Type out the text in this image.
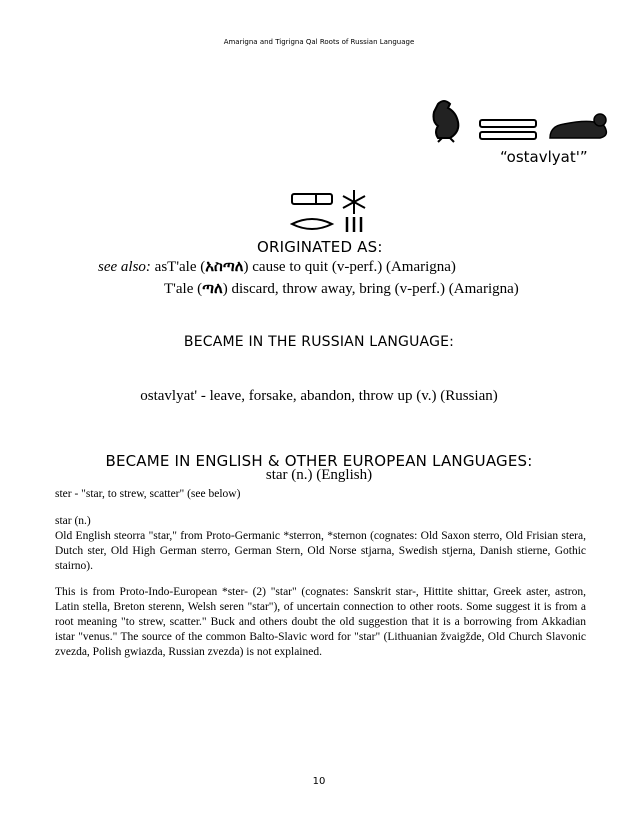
Amarigna and Tigrigna Qal Roots of Russian Language
“ostavlyat'”
ORIGINATED AS:
see also: asT'ale (አስጣለ) cause to quit (v-perf.) (Amarigna)
T'ale (ጣለ) discard, throw away, bring (v-perf.) (Amarigna)
BECAME IN THE RUSSIAN LANGUAGE:
ostavlyat' - leave, forsake, abandon, throw up (v.) (Russian)
BECAME IN ENGLISH & OTHER EUROPEAN LANGUAGES:
star (n.) (English)
ster - "star, to strew, scatter" (see below)
star (n.)
Old English steorra "star," from Proto-Germanic *sterron, *sternon (cognates: Old Saxon sterro, Old Frisian stera, Dutch ster, Old High German sterro, German Stern, Old Norse stjarna, Swedish stjerna, Danish stierne, Gothic stairno).
This is from Proto-Indo-European *ster- (2) "star" (cognates: Sanskrit star-, Hittite shittar, Greek aster, astron, Latin stella, Breton sterenn, Welsh seren "star"), of uncertain connection to other roots. Some suggest it is from a root meaning "to strew, scatter." Buck and others doubt the old suggestion that it is a borrowing from Akkadian istar "venus." The source of the common Balto-Slavic word for "star" (Lithuanian žvaigžde, Old Church Slavonic zvezda, Polish gwiazda, Russian zvezda) is not explained.
10
